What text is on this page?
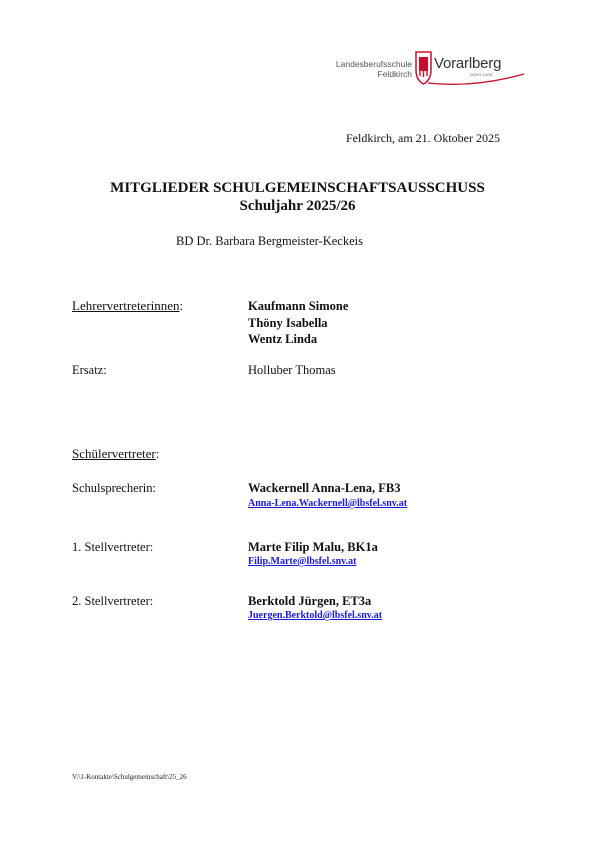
Landesberufsschule
Feldkirch
Vorarlberg
unser Land
Feldkirch, am 21. Oktober 2025
MITGLIEDER SCHULGEMEINSCHAFTSAUSSCHUSS
Schuljahr 2025/26
BD Dr. Barbara Bergmeister-Keckeis
Lehrervertreterinnen:	Kaufmann Simone
Thöny Isabella
Wentz Linda
Ersatz:	Holluber Thomas
Schülervertreter:
Schulsprecherin:	Wackernell Anna-Lena, FB3
Anna-Lena.Wackernell@lbsfel.snv.at
1. Stellvertreter:	Marte Filip Malu, BK1a
Filip.Marte@lbsfel.snv.at
2. Stellvertreter:	Berktold Jürgen, ET3a
Juergen.Berktold@lbsfel.snv.at
V:\1-Kontakte\Schulgemeinschaft\25_26
